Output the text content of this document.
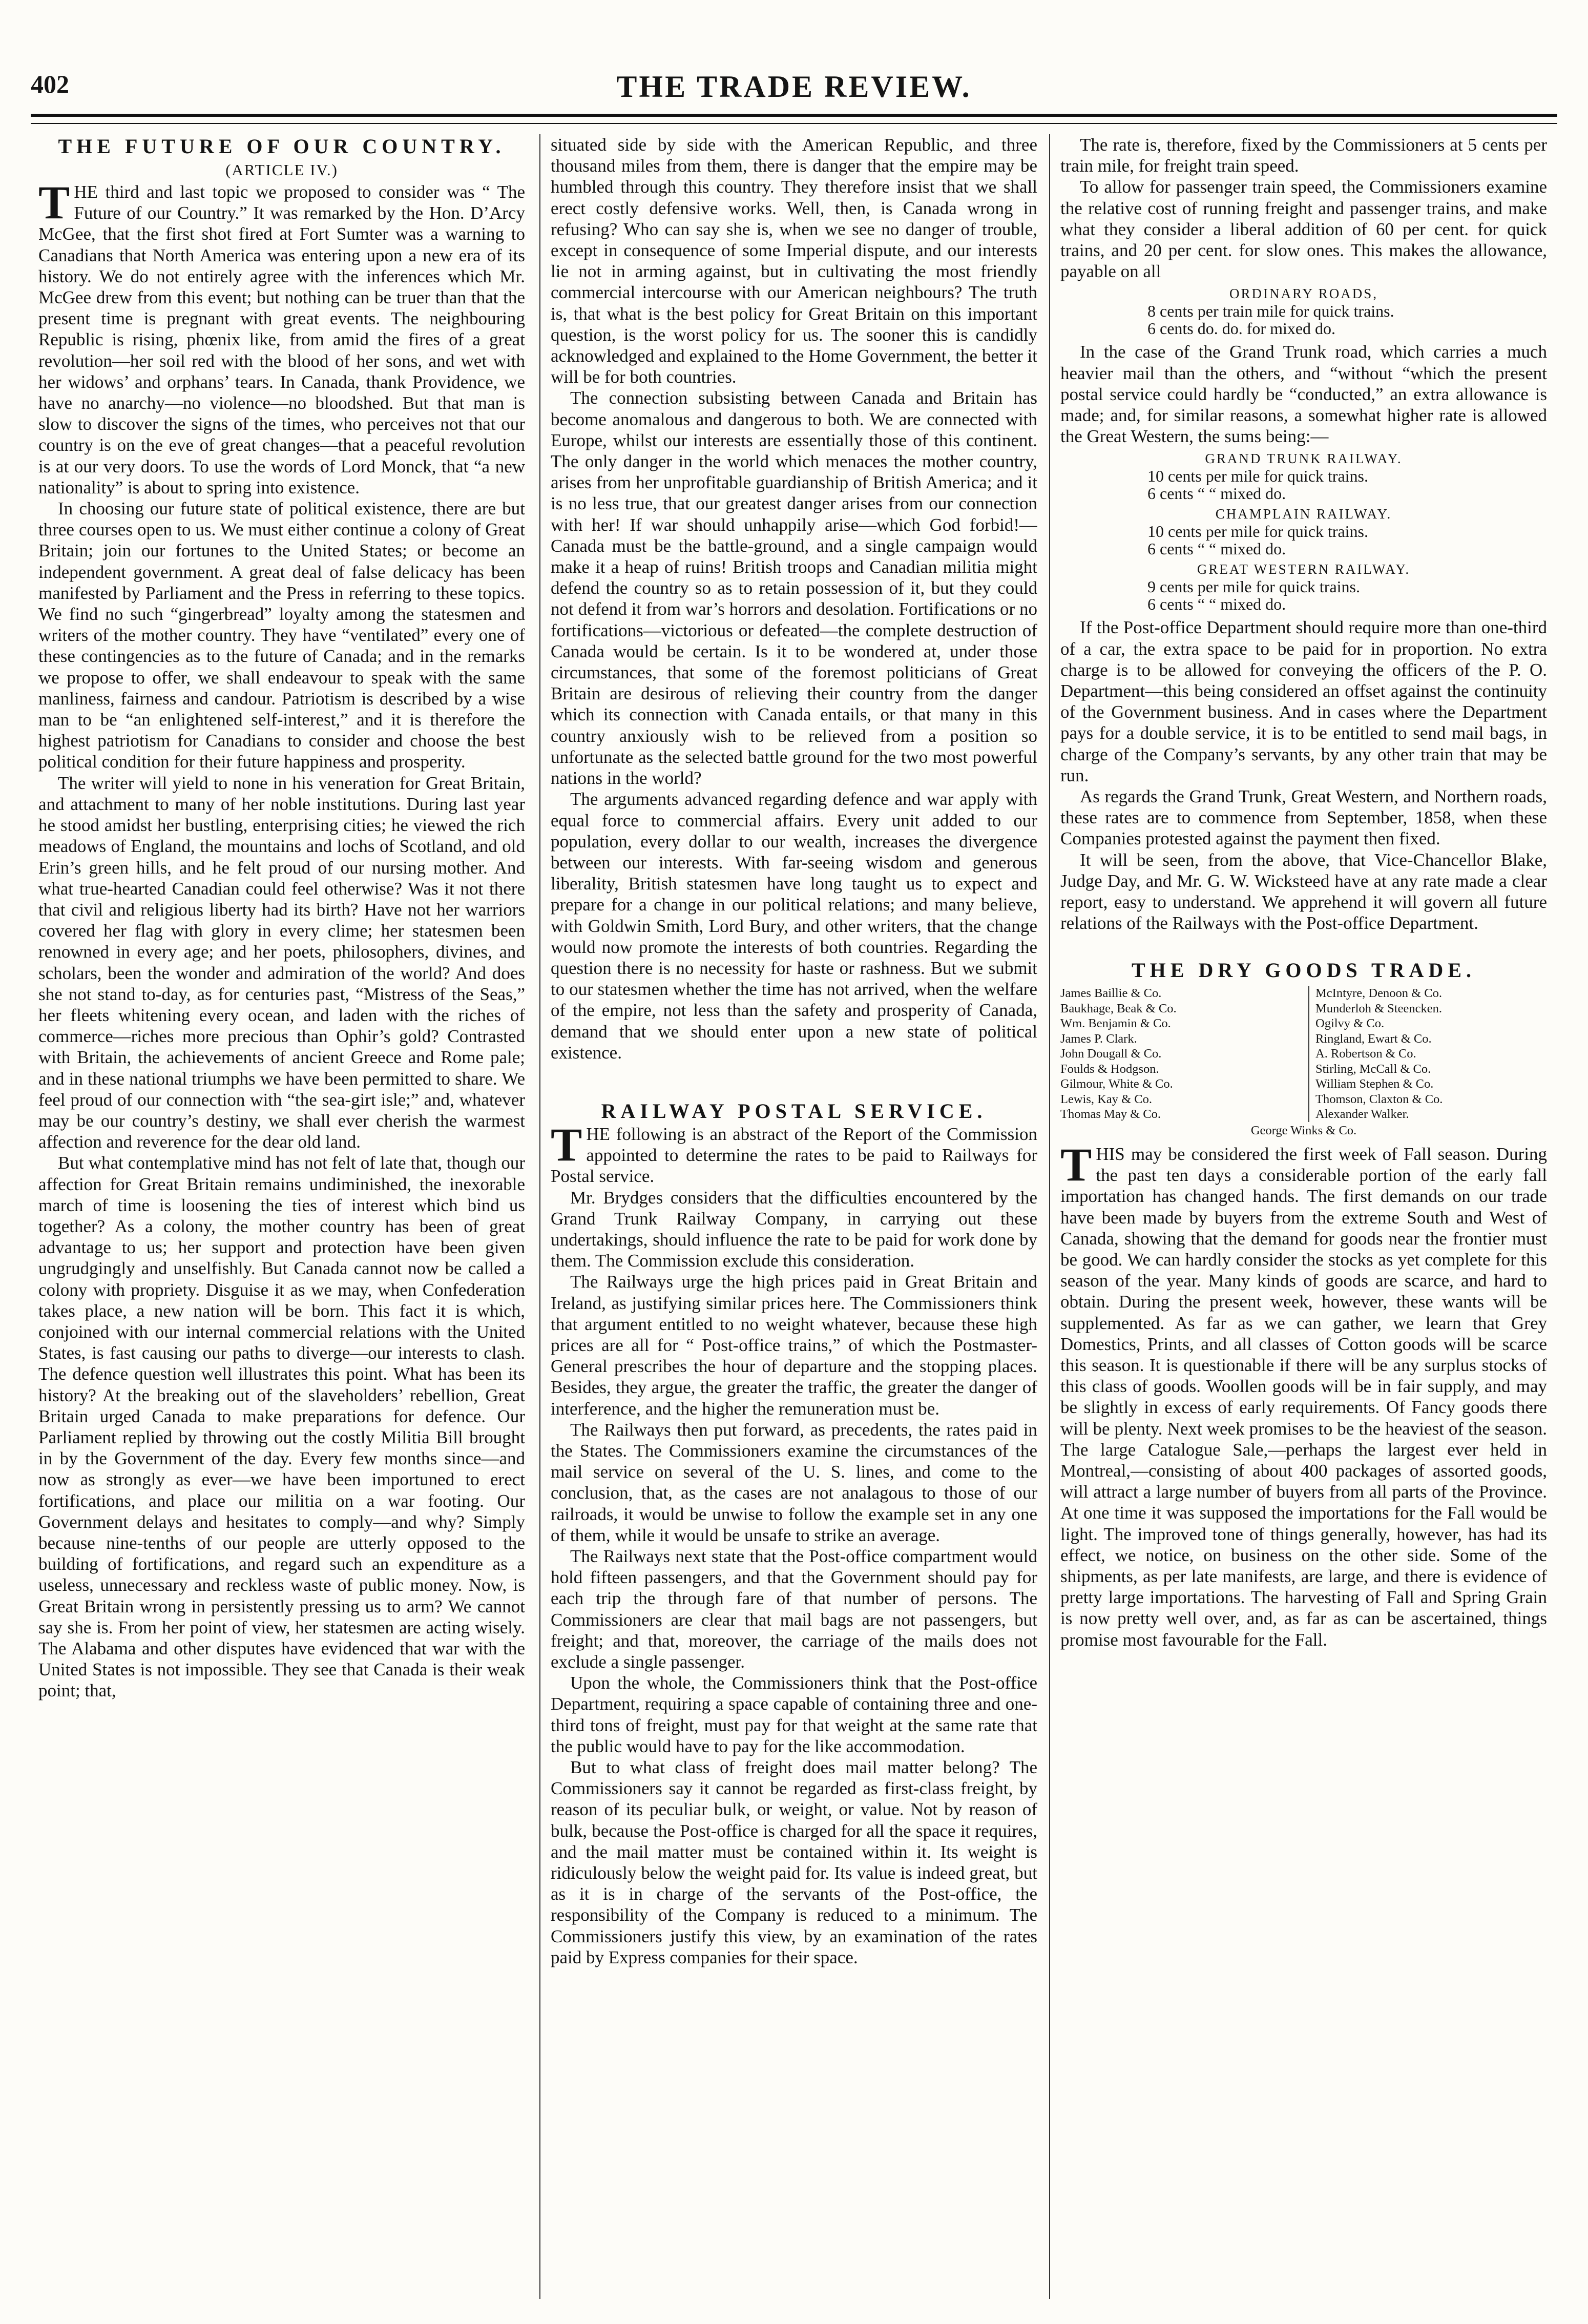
402	THE TRADE REVIEW.
THE FUTURE OF OUR COUNTRY.
(ARTICLE IV.)

THE third and last topic we proposed to consider was “ The Future of our Country.” It was remarked by the Hon. D’Arcy McGee, that the first shot fired at Fort Sumter was a warning to Canadians that North America was entering upon a new era of its history. We do not entirely agree with the inferences which Mr. McGee drew from this event; but nothing can be truer than that the present time is pregnant with great events. The neighbouring Republic is rising, phœnix like, from amid the fires of a great revolution—her soil red with the blood of her sons, and wet with her widows’ and orphans’ tears. In Canada, thank Providence, we have no anarchy—no violence—no bloodshed. But that man is slow to discover the signs of the times, who perceives not that our country is on the eve of great changes—that a peaceful revolution is at our very doors. To use the words of Lord Monck, that “a new nationality” is about to spring into existence.

In choosing our future state of political existence, there are but three courses open to us. We must either continue a colony of Great Britain; join our fortunes to the United States; or become an independent government. A great deal of false delicacy has been manifested by Parliament and the Press in referring to these topics. We find no such “gingerbread” loyalty among the statesmen and writers of the mother country. They have “ventilated” every one of these contingencies as to the future of Canada; and in the remarks we propose to offer, we shall endeavour to speak with the same manliness, fairness and candour. Patriotism is described by a wise man to be “an enlightened self-interest,” and it is therefore the highest patriotism for Canadians to consider and choose the best political condition for their future happiness and prosperity.

The writer will yield to none in his veneration for Great Britain, and attachment to many of her noble institutions. During last year he stood amidst her bustling, enterprising cities; he viewed the rich meadows of England, the mountains and lochs of Scotland, and old Erin’s green hills, and he felt proud of our nursing mother. And what true-hearted Canadian could feel otherwise? Was it not there that civil and religious liberty had its birth? Have not her warriors covered her flag with glory in every clime; her statesmen been renowned in every age; and her poets, philosophers, divines, and scholars, been the wonder and admiration of the world? And does she not stand to-day, as for centuries past, “Mistress of the Seas,” her fleets whitening every ocean, and laden with the riches of commerce—riches more precious than Ophir’s gold? Contrasted with Britain, the achievements of ancient Greece and Rome pale; and in these national triumphs we have been permitted to share. We feel proud of our connection with “the sea-girt isle;” and, whatever may be our country’s destiny, we shall ever cherish the warmest affection and reverence for the dear old land.

But what contemplative mind has not felt of late that, though our affection for Great Britain remains undiminished, the inexorable march of time is loosening the ties of interest which bind us together? As a colony, the mother country has been of great advantage to us; her support and protection have been given ungrudgingly and unselfishly. But Canada cannot now be called a colony with propriety. Disguise it as we may, when Confederation takes place, a new nation will be born. This fact it is which, conjoined with our internal commercial relations with the United States, is fast causing our paths to diverge—our interests to clash. The defence question well illustrates this point. What has been its history? At the breaking out of the slaveholders’ rebellion, Great Britain urged Canada to make preparations for defence. Our Parliament replied by throwing out the costly Militia Bill brought in by the Government of the day. Every few months since—and now as strongly as ever—we have been importuned to erect fortifications, and place our militia on a war footing. Our Government delays and hesitates to comply—and why? Simply because nine-tenths of our people are utterly opposed to the building of fortifications, and regard such an expenditure as a useless, unnecessary and reckless waste of public money. Now, is Great Britain wrong in persistently pressing us to arm? We cannot say she is. From her point of view, her statesmen are acting wisely. The Alabama and other disputes have evidenced that war with the United States is not impossible. They see that Canada is their weak point; that,

situated side by side with the American Republic, and three thousand miles from them, there is danger that the empire may be humbled through this country. They therefore insist that we shall erect costly defensive works. Well, then, is Canada wrong in refusing? Who can say she is, when we see no danger of trouble, except in consequence of some Imperial dispute, and our interests lie not in arming against, but in cultivating the most friendly commercial intercourse with our American neighbours? The truth is, that what is the best policy for Great Britain on this important question, is the worst policy for us. The sooner this is candidly acknowledged and explained to the Home Government, the better it will be for both countries.

The connection subsisting between Canada and Britain has become anomalous and dangerous to both. We are connected with Europe, whilst our interests are essentially those of this continent. The only danger in the world which menaces the mother country, arises from her unprofitable guardianship of British America; and it is no less true, that our greatest danger arises from our connection with her! If war should unhappily arise—which God forbid!—Canada must be the battle-ground, and a single campaign would make it a heap of ruins! British troops and Canadian militia might defend the country so as to retain possession of it, but they could not defend it from war’s horrors and desolation. Fortifications or no fortifications—victorious or defeated—the complete destruction of Canada would be certain. Is it to be wondered at, under those circumstances, that some of the foremost politicians of Great Britain are desirous of relieving their country from the danger which its connection with Canada entails, or that many in this country anxiously wish to be relieved from a position so unfortunate as the selected battle ground for the two most powerful nations in the world?

The arguments advanced regarding defence and war apply with equal force to commercial affairs. Every unit added to our population, every dollar to our wealth, increases the divergence between our interests. With far-seeing wisdom and generous liberality, British statesmen have long taught us to expect and prepare for a change in our political relations; and many believe, with Goldwin Smith, Lord Bury, and other writers, that the change would now promote the interests of both countries. Regarding the question there is no necessity for haste or rashness. But we submit to our statesmen whether the time has not arrived, when the welfare of the empire, not less than the safety and prosperity of Canada, demand that we should enter upon a new state of political existence.

RAILWAY POSTAL SERVICE.

THE following is an abstract of the Report of the Commission appointed to determine the rates to be paid to Railways for Postal service.

Mr. Brydges considers that the difficulties encountered by the Grand Trunk Railway Company, in carrying out these undertakings, should influence the rate to be paid for work done by them. The Commission exclude this consideration.

The Railways urge the high prices paid in Great Britain and Ireland, as justifying similar prices here. The Commissioners think that argument entitled to no weight whatever, because these high prices are all for “ Post-office trains,” of which the Postmaster-General prescribes the hour of departure and the stopping places. Besides, they argue, the greater the traffic, the greater the danger of interference, and the higher the remuneration must be.

The Railways then put forward, as precedents, the rates paid in the States. The Commissioners examine the circumstances of the mail service on several of the U. S. lines, and come to the conclusion, that, as the cases are not analagous to those of our railroads, it would be unwise to follow the example set in any one of them, while it would be unsafe to strike an average.

The Railways next state that the Post-office compartment would hold fifteen passengers, and that the Government should pay for each trip the through fare of that number of persons. The Commissioners are clear that mail bags are not passengers, but freight; and that, moreover, the carriage of the mails does not exclude a single passenger.

Upon the whole, the Commissioners think that the Post-office Department, requiring a space capable of containing three and one-third tons of freight, must pay for that weight at the same rate that the public would have to pay for the like accommodation.

But to what class of freight does mail matter belong? The Commissioners say it cannot be regarded as first-class freight, by reason of its peculiar bulk, or weight, or value. Not by reason of bulk, because the Post-office is charged for all the space it requires, and the mail matter must be contained within it. Its weight is ridiculously below the weight paid for. Its value is indeed great, but as it is in charge of the servants of the Post-office, the responsibility of the Company is reduced to a minimum. The Commissioners justify this view, by an examination of the rates paid by Express companies for their space.

The rate is, therefore, fixed by the Commissioners at 5 cents per train mile, for freight train speed.

To allow for passenger train speed, the Commissioners examine the relative cost of running freight and passenger trains, and make what they consider a liberal addition of 60 per cent. for quick trains, and 20 per cent. for slow ones. This makes the allowance, payable on all

ORDINARY ROADS,
8 cents per train mile for quick trains.
6 cents do. do. for mixed do.

In the case of the Grand Trunk road, which carries a much heavier mail than the others, and “without “which the present postal service could hardly be “conducted,” an extra allowance is made; and, for similar reasons, a somewhat higher rate is allowed the Great Western, the sums being:—

GRAND TRUNK RAILWAY.
10 cents per mile for quick trains.
6 cents “ “ mixed do.
CHAMPLAIN RAILWAY.
10 cents per mile for quick trains.
6 cents “ “ mixed do.
GREAT WESTERN RAILWAY.
9 cents per mile for quick trains.
6 cents “ “ mixed do.

If the Post-office Department should require more than one-third of a car, the extra space to be paid for in proportion. No extra charge is to be allowed for conveying the officers of the P. O. Department—this being considered an offset against the continuity of the Government business. And in cases where the Department pays for a double service, it is to be entitled to send mail bags, in charge of the Company’s servants, by any other train that may be run.

As regards the Grand Trunk, Great Western, and Northern roads, these rates are to commence from September, 1858, when these Companies protested against the payment then fixed.

It will be seen, from the above, that Vice-Chancellor Blake, Judge Day, and Mr. G. W. Wicksteed have at any rate made a clear report, easy to understand. We apprehend it will govern all future relations of the Railways with the Post-office Department.

THE DRY GOODS TRADE.
James Baillie & Co.
Baukhage, Beak & Co.
Wm. Benjamin & Co.
James P. Clark.
John Dougall & Co.
Foulds & Hodgson.
Gilmour, White & Co.
Lewis, Kay & Co.
Thomas May & Co.
McIntyre, Denoon & Co.
Munderloh & Steencken.
Ogilvy & Co.
Ringland, Ewart & Co.
A. Robertson & Co.
Stirling, McCall & Co.
William Stephen & Co.
Thomson, Claxton & Co.
Alexander Walker.
George Winks & Co.

THIS may be considered the first week of Fall season. During the past ten days a considerable portion of the early fall importation has changed hands. The first demands on our trade have been made by buyers from the extreme South and West of Canada, showing that the demand for goods near the frontier must be good. We can hardly consider the stocks as yet complete for this season of the year. Many kinds of goods are scarce, and hard to obtain. During the present week, however, these wants will be supplemented. As far as we can gather, we learn that Grey Domestics, Prints, and all classes of Cotton goods will be scarce this season. It is questionable if there will be any surplus stocks of this class of goods. Woollen goods will be in fair supply, and may be slightly in excess of early requirements. Of Fancy goods there will be plenty. Next week promises to be the heaviest of the season. The large Catalogue Sale,—perhaps the largest ever held in Montreal,—consisting of about 400 packages of assorted goods, will attract a large number of buyers from all parts of the Province. At one time it was supposed the importations for the Fall would be light. The improved tone of things generally, however, has had its effect, we notice, on business on the other side. Some of the shipments, as per late manifests, are large, and there is evidence of pretty large importations. The harvesting of Fall and Spring Grain is now pretty well over, and, as far as can be ascertained, things promise most favourable for the Fall.
